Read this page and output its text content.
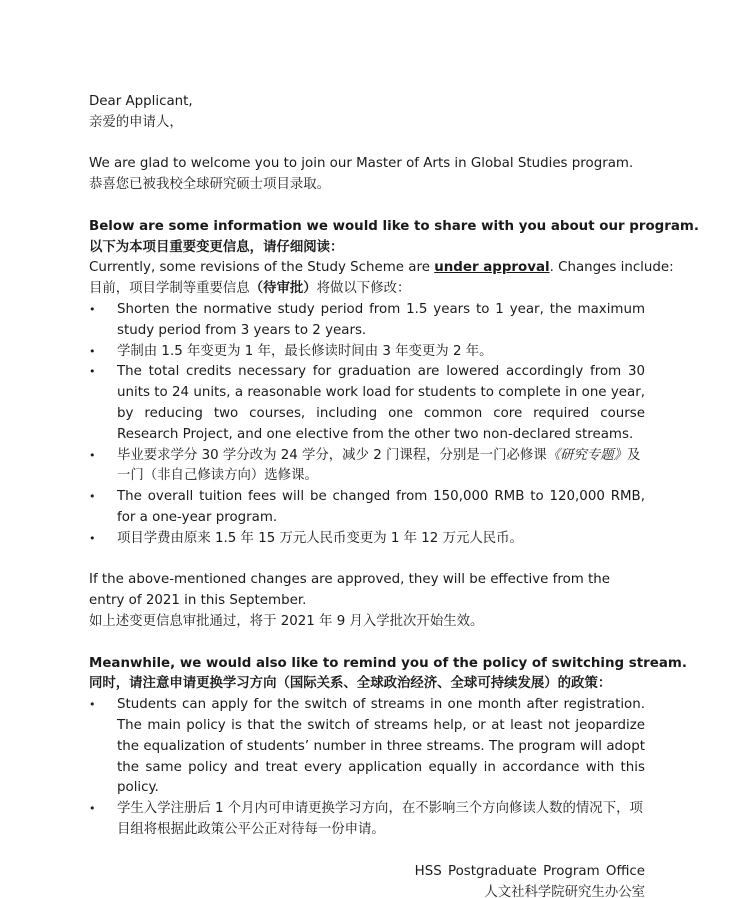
Dear Applicant,
亲爱的申请人，
We are glad to welcome you to join our Master of Arts in Global Studies program.
恭喜您已被我校全球研究硕士项目录取。
Below are some information we would like to share with you about our program.
以下为本项目重要变更信息，请仔细阅读：
Currently, some revisions of the Study Scheme are under approval. Changes include:
目前，项目学制等重要信息（待审批）将做以下修改：
• Shorten the normative study period from 1.5 years to 1 year, the maximum study period from 3 years to 2 years.
• 学制由 1.5 年变更为 1 年，最长修读时间由 3 年变更为 2 年。
• The total credits necessary for graduation are lowered accordingly from 30 units to 24 units, a reasonable work load for students to complete in one year, by reducing two courses, including one common core required course Research Project, and one elective from the other two non-declared streams.
• 毕业要求学分 30 学分改为 24 学分，减少 2 门课程，分别是一门必修课《研究专题》及一门（非自己修读方向）选修课。
• The overall tuition fees will be changed from 150,000 RMB to 120,000 RMB, for a one-year program.
• 项目学费由原来 1.5 年 15 万元人民币变更为 1 年 12 万元人民币。
If the above-mentioned changes are approved, they will be effective from the entry of 2021 in this September.
如上述变更信息审批通过，将于 2021 年 9 月入学批次开始生效。
Meanwhile, we would also like to remind you of the policy of switching stream.
同时，请注意申请更换学习方向（国际关系、全球政治经济、全球可持续发展）的政策：
• Students can apply for the switch of streams in one month after registration. The main policy is that the switch of streams help, or at least not jeopardize the equalization of students’ number in three streams. The program will adopt the same policy and treat every application equally in accordance with this policy.
• 学生入学注册后 1 个月内可申请更换学习方向，在不影响三个方向修读人数的情况下，项目组将根据此政策公平公正对待每一份申请。
HSS Postgraduate Program Office
人文社科学院研究生办公室
